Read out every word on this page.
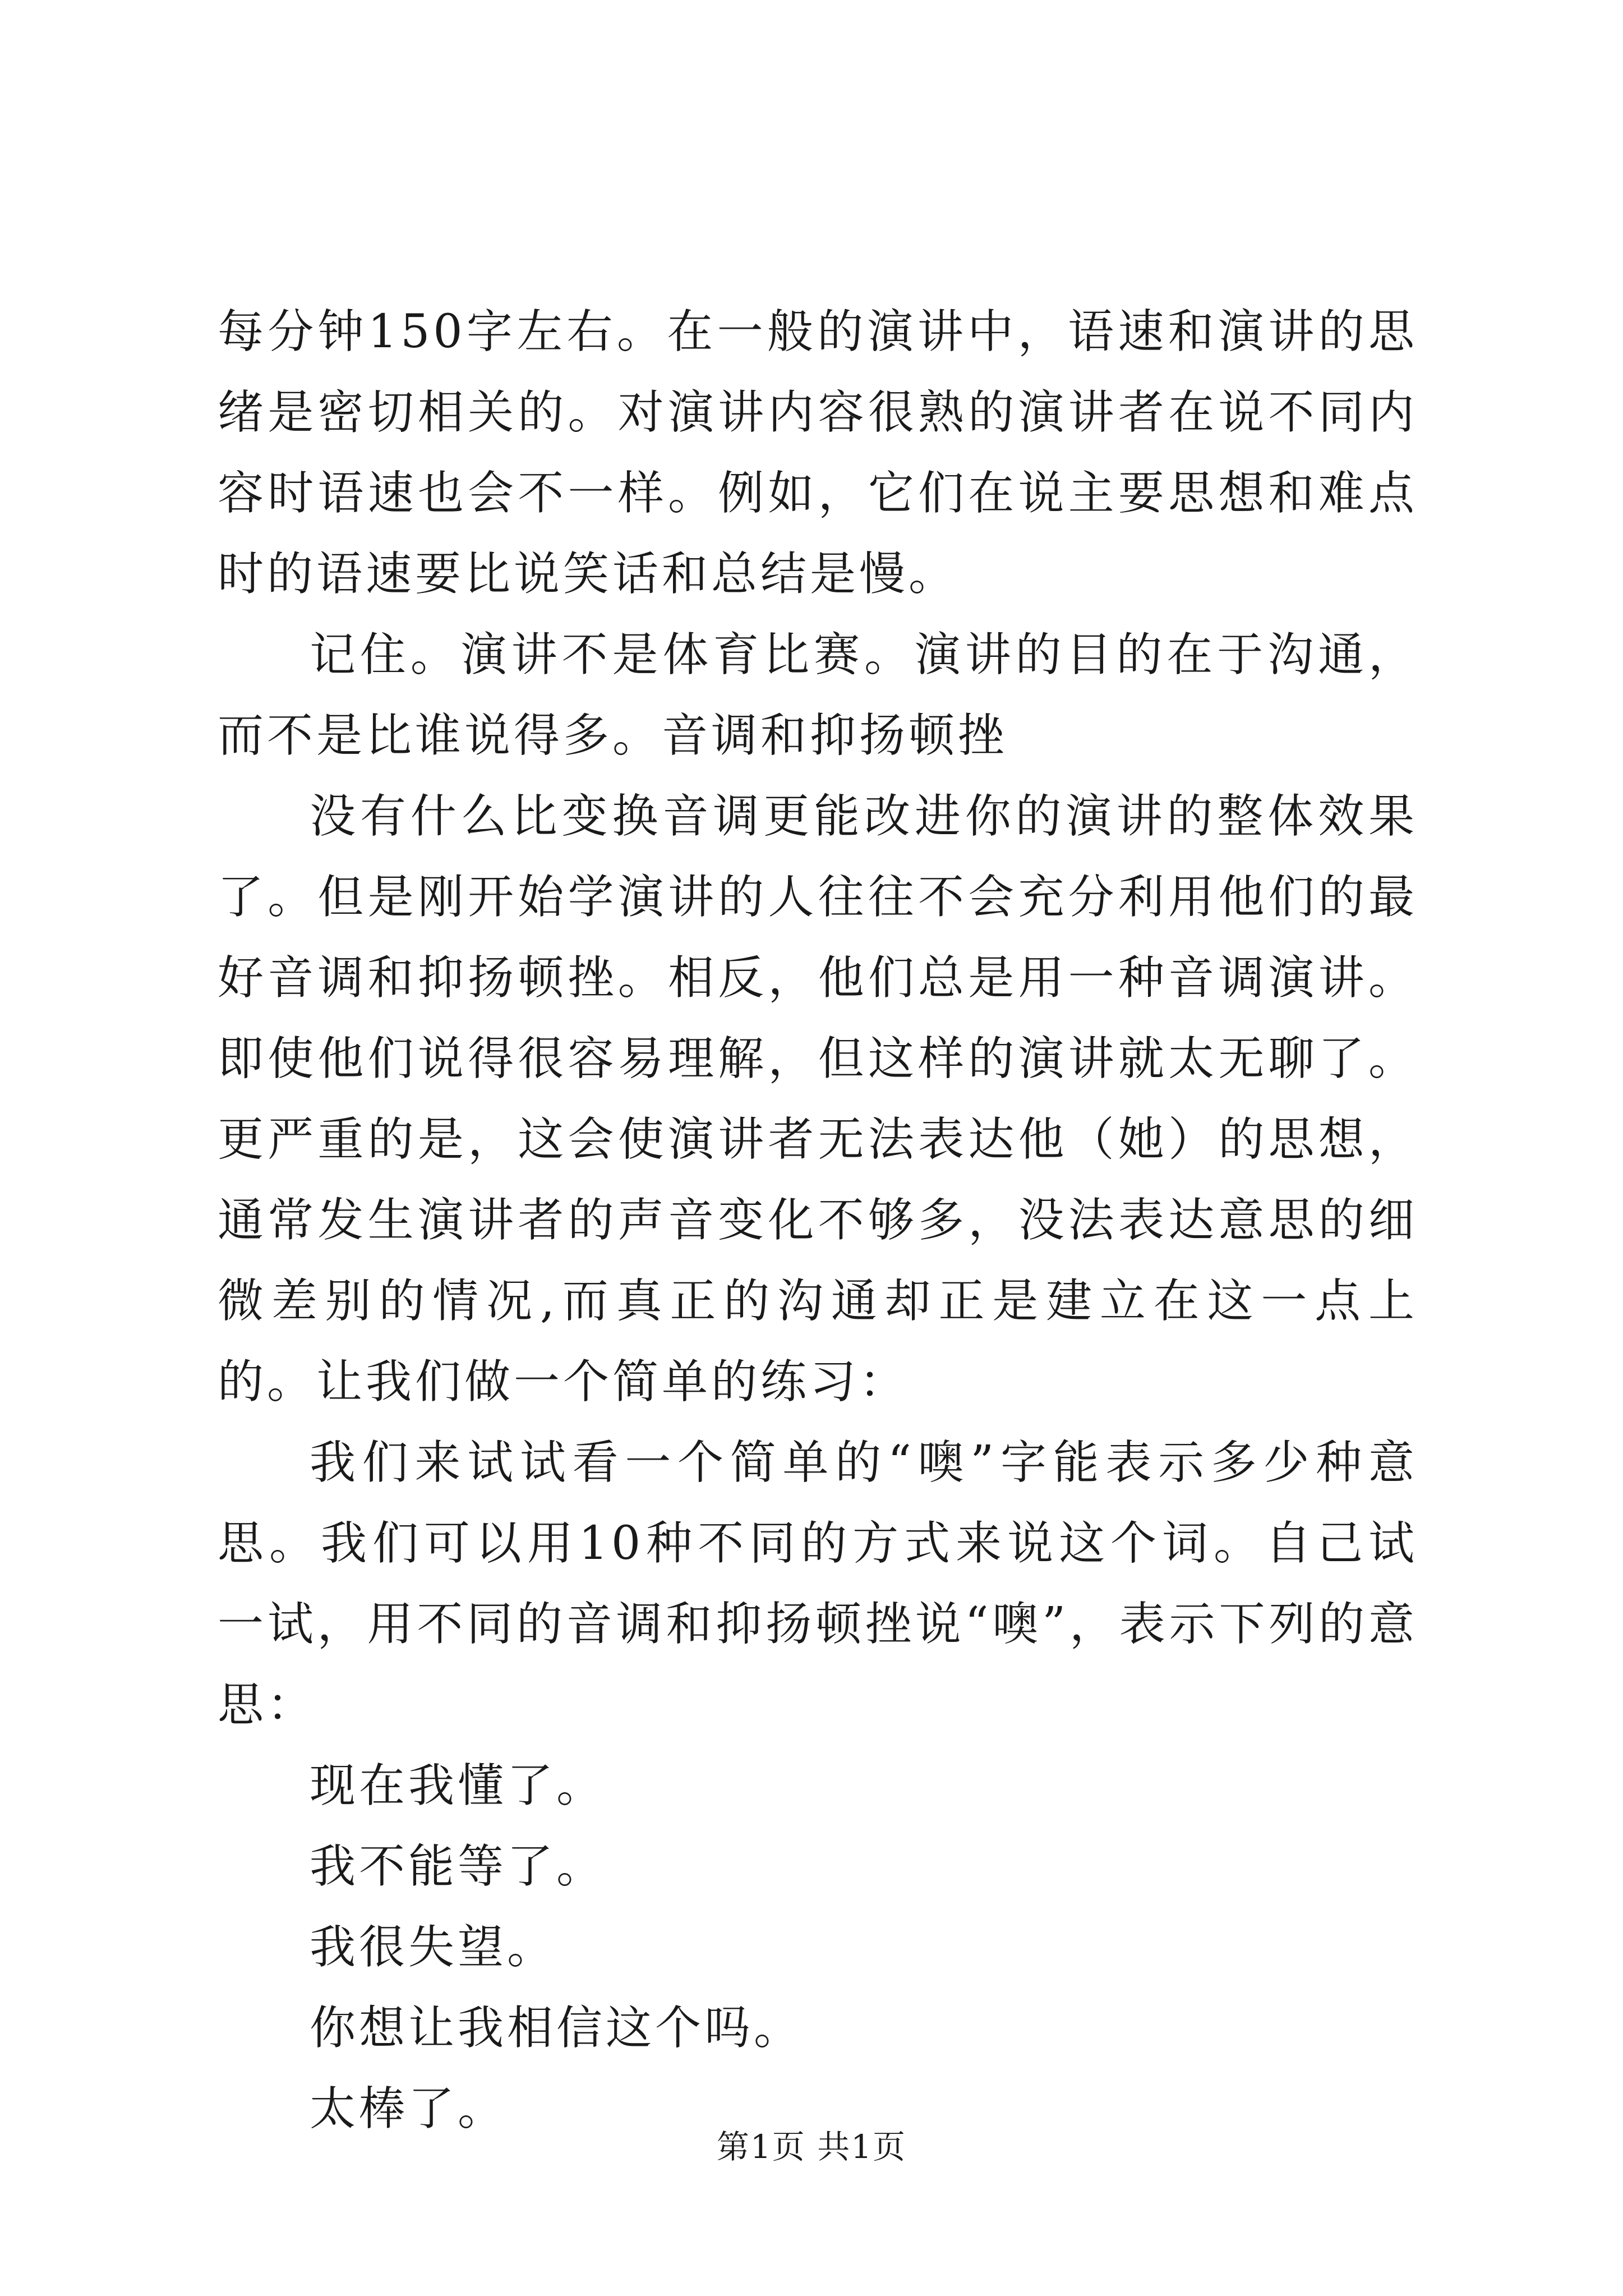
每分钟150字左右。在一般的演讲中，语速和演讲的思绪是密切相关的。对演讲内容很熟的演讲者在说不同内容时语速也会不一样。例如，它们在说主要思想和难点时的语速要比说笑话和总结是慢。

记住。演讲不是体育比赛。演讲的目的在于沟通，而不是比谁说得多。音调和抑扬顿挫

没有什么比变换音调更能改进你的演讲的整体效果了。但是刚开始学演讲的人往往不会充分利用他们的最好音调和抑扬顿挫。相反，他们总是用一种音调演讲。即使他们说得很容易理解，但这样的演讲就太无聊了。更严重的是，这会使演讲者无法表达他（她）的思想，通常发生演讲者的声音变化不够多，没法表达意思的细微差别的情况,而真正的沟通却正是建立在这一点上的。让我们做一个简单的练习：

我们来试试看一个简单的“噢”字能表示多少种意思。我们可以用10种不同的方式来说这个词。自己试一试，用不同的音调和抑扬顿挫说“噢”，表示下列的意思：

现在我懂了。

我不能等了。

我很失望。

你想让我相信这个吗。

太棒了。

第1页 共1页
